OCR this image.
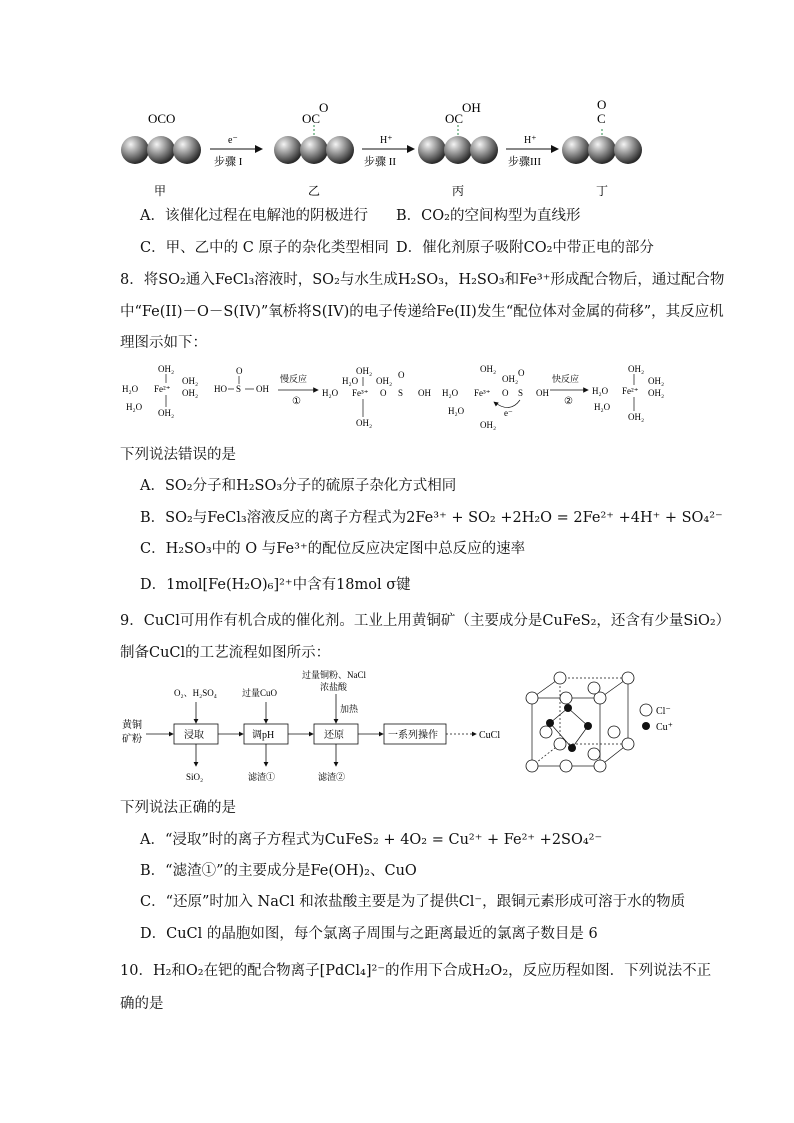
OCO
甲
e⁻
步骤 I
OC
O
乙
H⁺
步骤 II
OC
OH
丙
H⁺
步骤III
O
C
丁
A．该催化过程在电解池的阴极进行 B．CO₂的空间构型为直线形
C．甲、乙中的 C 原子的杂化类型相同 D．催化剂原子吸附CO₂中带正电的部分
8．将SO₂通入FeCl₃溶液时，SO₂与水生成H₂SO₃，H₂SO₃和Fe³⁺形成配合物后，通过配合物
中“Fe(II)－O－S(IV)”氧桥将S(IV)的电子传递给Fe(II)发生“配位体对金属的荷移”，其反应机
理图示如下：
OH₂
H₂O Fe²⁺
OH₂
OH₂
H₂O
OH₂
HO S OH
O
慢反应
①
OH₂
H₂O Fe³⁺
H₂O OH₂
O S OH
O
OH₂
OH₂
H₂O Fe³⁺
OH₂
O S OH
O
H₂O
OH₂
e⁻
快反应
②
OH₂
H₂O Fe²⁺
OH₂
OH₂
H₂O
OH₂
下列说法错误的是
A．SO₂分子和H₂SO₃分子的硫原子杂化方式相同
B．SO₂与FeCl₃溶液反应的离子方程式为2Fe³⁺ + SO₂ +2H₂O = 2Fe²⁺ +4H⁺ + SO₄²⁻
C．H₂SO₃中的 O 与Fe³⁺的配位反应决定图中总反应的速率
D．1mol[Fe(H₂O)₆]²⁺中含有18mol σ键
9．CuCl可用作有机合成的催化剂。工业上用黄铜矿（主要成分是CuFeS₂，还含有少量SiO₂）
制备CuCl的工艺流程如图所示：
黄铜
矿粉	浸取	调pH	还原	一系列操作	CuCl
O₂、H₂SO₄	过量CuO
过量铜粉、NaCl
浓盐酸
加热
SiO₂	滤渣①	滤渣②
Cl⁻
Cu⁺
下列说法正确的是
A．“浸取”时的离子方程式为CuFeS₂ + 4O₂ = Cu²⁺ + Fe²⁺ +2SO₄²⁻
B．“滤渣①”的主要成分是Fe(OH)₂、CuO
C．“还原”时加入 NaCl 和浓盐酸主要是为了提供Cl⁻，跟铜元素形成可溶于水的物质
D．CuCl 的晶胞如图，每个氯离子周围与之距离最近的氯离子数目是 6
10．H₂和O₂在钯的配合物离子[PdCl₄]²⁻的作用下合成H₂O₂，反应历程如图．下列说法不正
确的是
